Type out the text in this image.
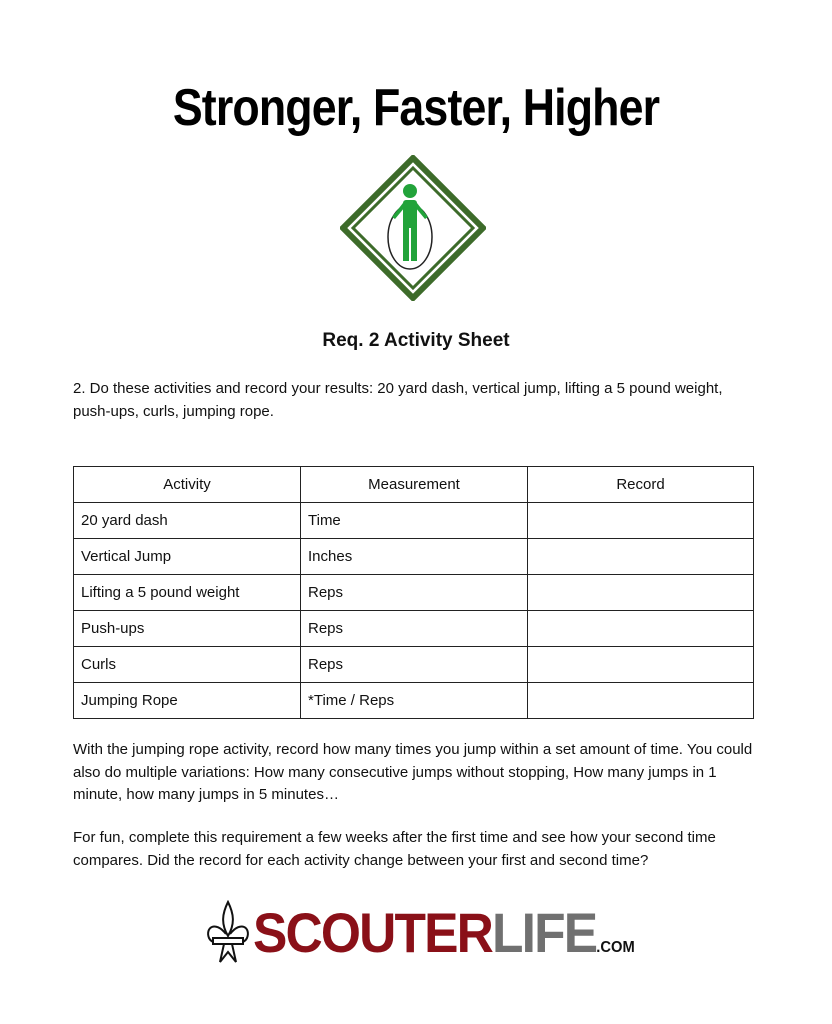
Stronger, Faster, Higher
Req. 2 Activity Sheet
2. Do these activities and record your results: 20 yard dash, vertical jump, lifting a 5 pound weight, push-ups, curls, jumping rope.
Activity	Measurement	Record
20 yard dash	Time	
Vertical Jump	Inches	
Lifting a 5 pound weight	Reps	
Push-ups	Reps	
Curls	Reps	
Jumping Rope	*Time / Reps	
With the jumping rope activity, record how many times you jump within a set amount of time. You could also do multiple variations: How many consecutive jumps without stopping, How many jumps in 1 minute, how many jumps in 5 minutes…
For fun, complete this requirement a few weeks after the first time and see how your second time compares. Did the record for each activity change between your first and second time?
SCOUTERLIFE.COM
